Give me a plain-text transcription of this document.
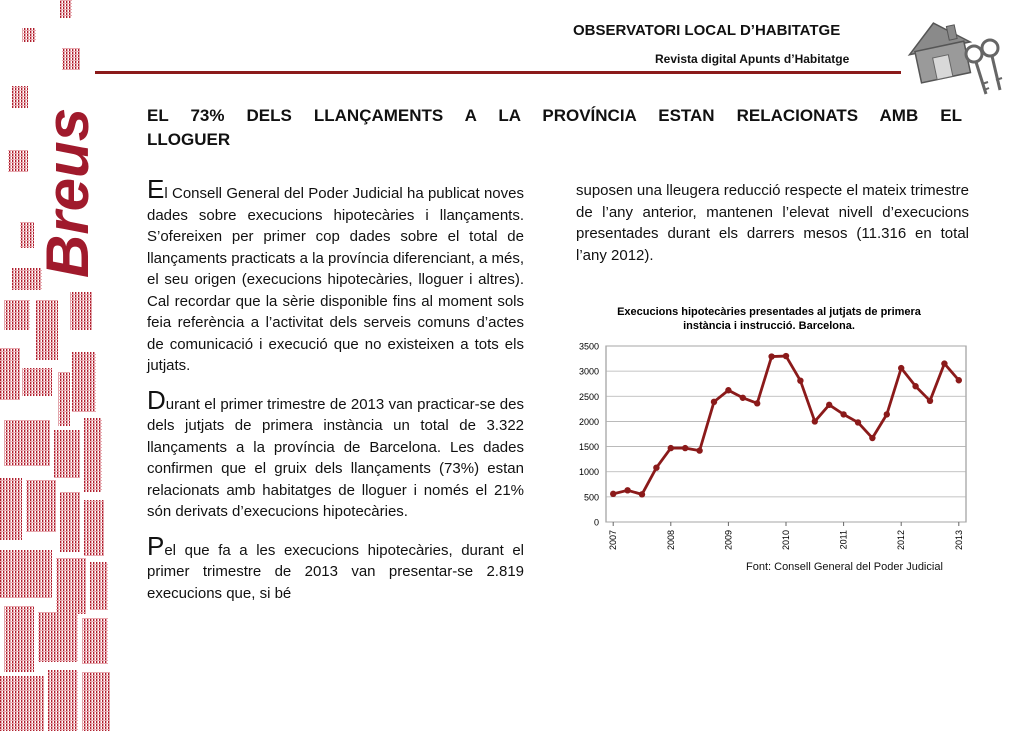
Breus
OBSERVATORI LOCAL D’HABITATGE
Revista digital Apunts d’Habitatge
EL 73% DELS LLANÇAMENTS A LA PROVÍNCIA ESTAN RELACIONATS AMB EL
LLOGUER

El Consell General del Poder Judicial ha publicat noves dades sobre execucions hipotecàries i llançaments. S’ofereixen per primer cop dades sobre el total de llançaments practicats a la província diferenciant, a més, el seu origen (execucions hipotecàries, lloguer i altres). Cal recordar que la sèrie disponible fins al moment sols feia referència a l’activitat dels serveis comuns d’actes de comunicació i execució que no existeixen a tots els jutjats.

Durant el primer trimestre de 2013 van practicar-se des dels jutjats de primera instància un total de 3.322 llançaments a la província de Barcelona. Les dades confirmen que el gruix dels llançaments (73%) estan relacionats amb habitatges de lloguer i només el 21% són derivats d’execucions hipotecàries.

Pel que fa a les execucions hipotecàries, durant el primer trimestre de 2013 van presentar-se 2.819 execucions que, si bé

suposen una lleugera reducció respecte el mateix trimestre de l’any anterior, mantenen l’elevat nivell d’execucions presentades durant els darrers mesos (11.316 en total l’any 2012).

Execucions hipotecàries presentades al jutjats de primera
instància i instrucció. Barcelona.
0
500
1000
1500
2000
2500
3000
3500
2007	2008	2009	2010	2011	2012	2013
Font: Consell General del Poder Judicial
